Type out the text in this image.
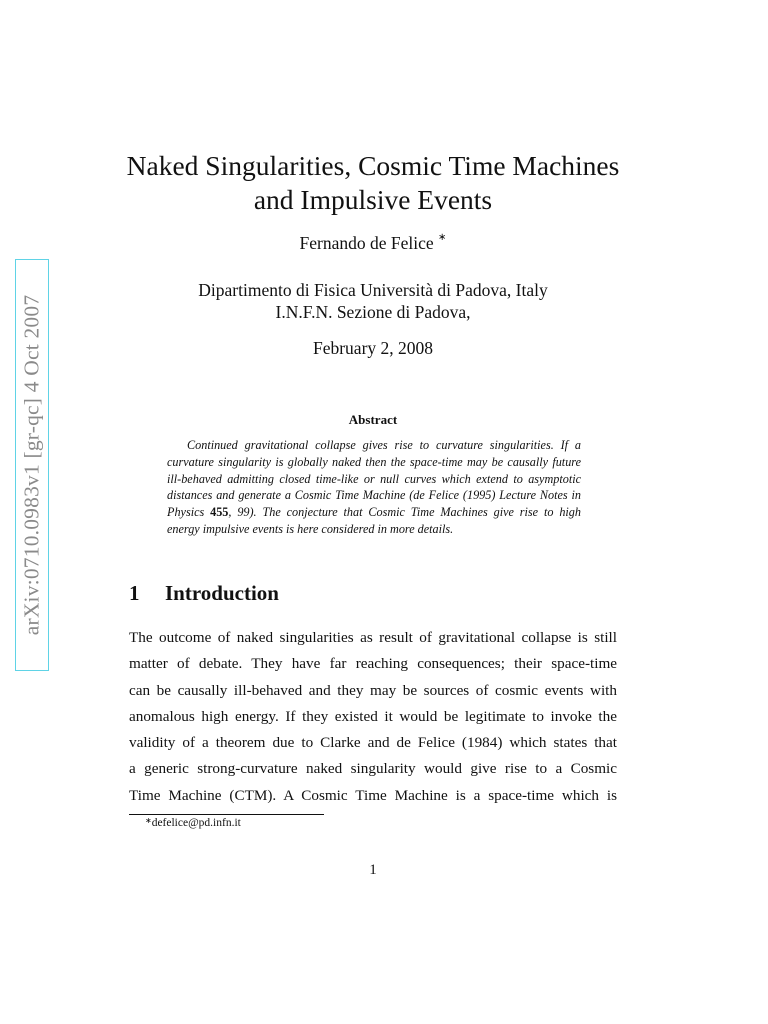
arXiv:0710.0983v1 [gr-qc] 4 Oct 2007
Naked Singularities, Cosmic Time Machines
and Impulsive Events
Fernando de Felice ∗
Dipartimento di Fisica Università di Padova, Italy
I.N.F.N. Sezione di Padova,
February 2, 2008
Abstract

Continued gravitational collapse gives rise to curvature singularities. If a curvature singularity is globally naked then the space-time may be causally future ill-behaved admitting closed time-like or null curves which extend to asymptotic distances and generate a Cosmic Time Machine (de Felice (1995) Lecture Notes in Physics 455, 99). The conjecture that Cosmic Time Machines give rise to high energy impulsive events is here considered in more details.

1 Introduction
The outcome of naked singularities as result of gravitational collapse is still
matter of debate. They have far reaching consequences; their space-time
can be causally ill-behaved and they may be sources of cosmic events with
anomalous high energy. If they existed it would be legitimate to invoke the
validity of a theorem due to Clarke and de Felice (1984) which states that
a generic strong-curvature naked singularity would give rise to a Cosmic
Time Machine (CTM). A Cosmic Time Machine is a space-time which is
∗defelice@pd.infn.it
1
